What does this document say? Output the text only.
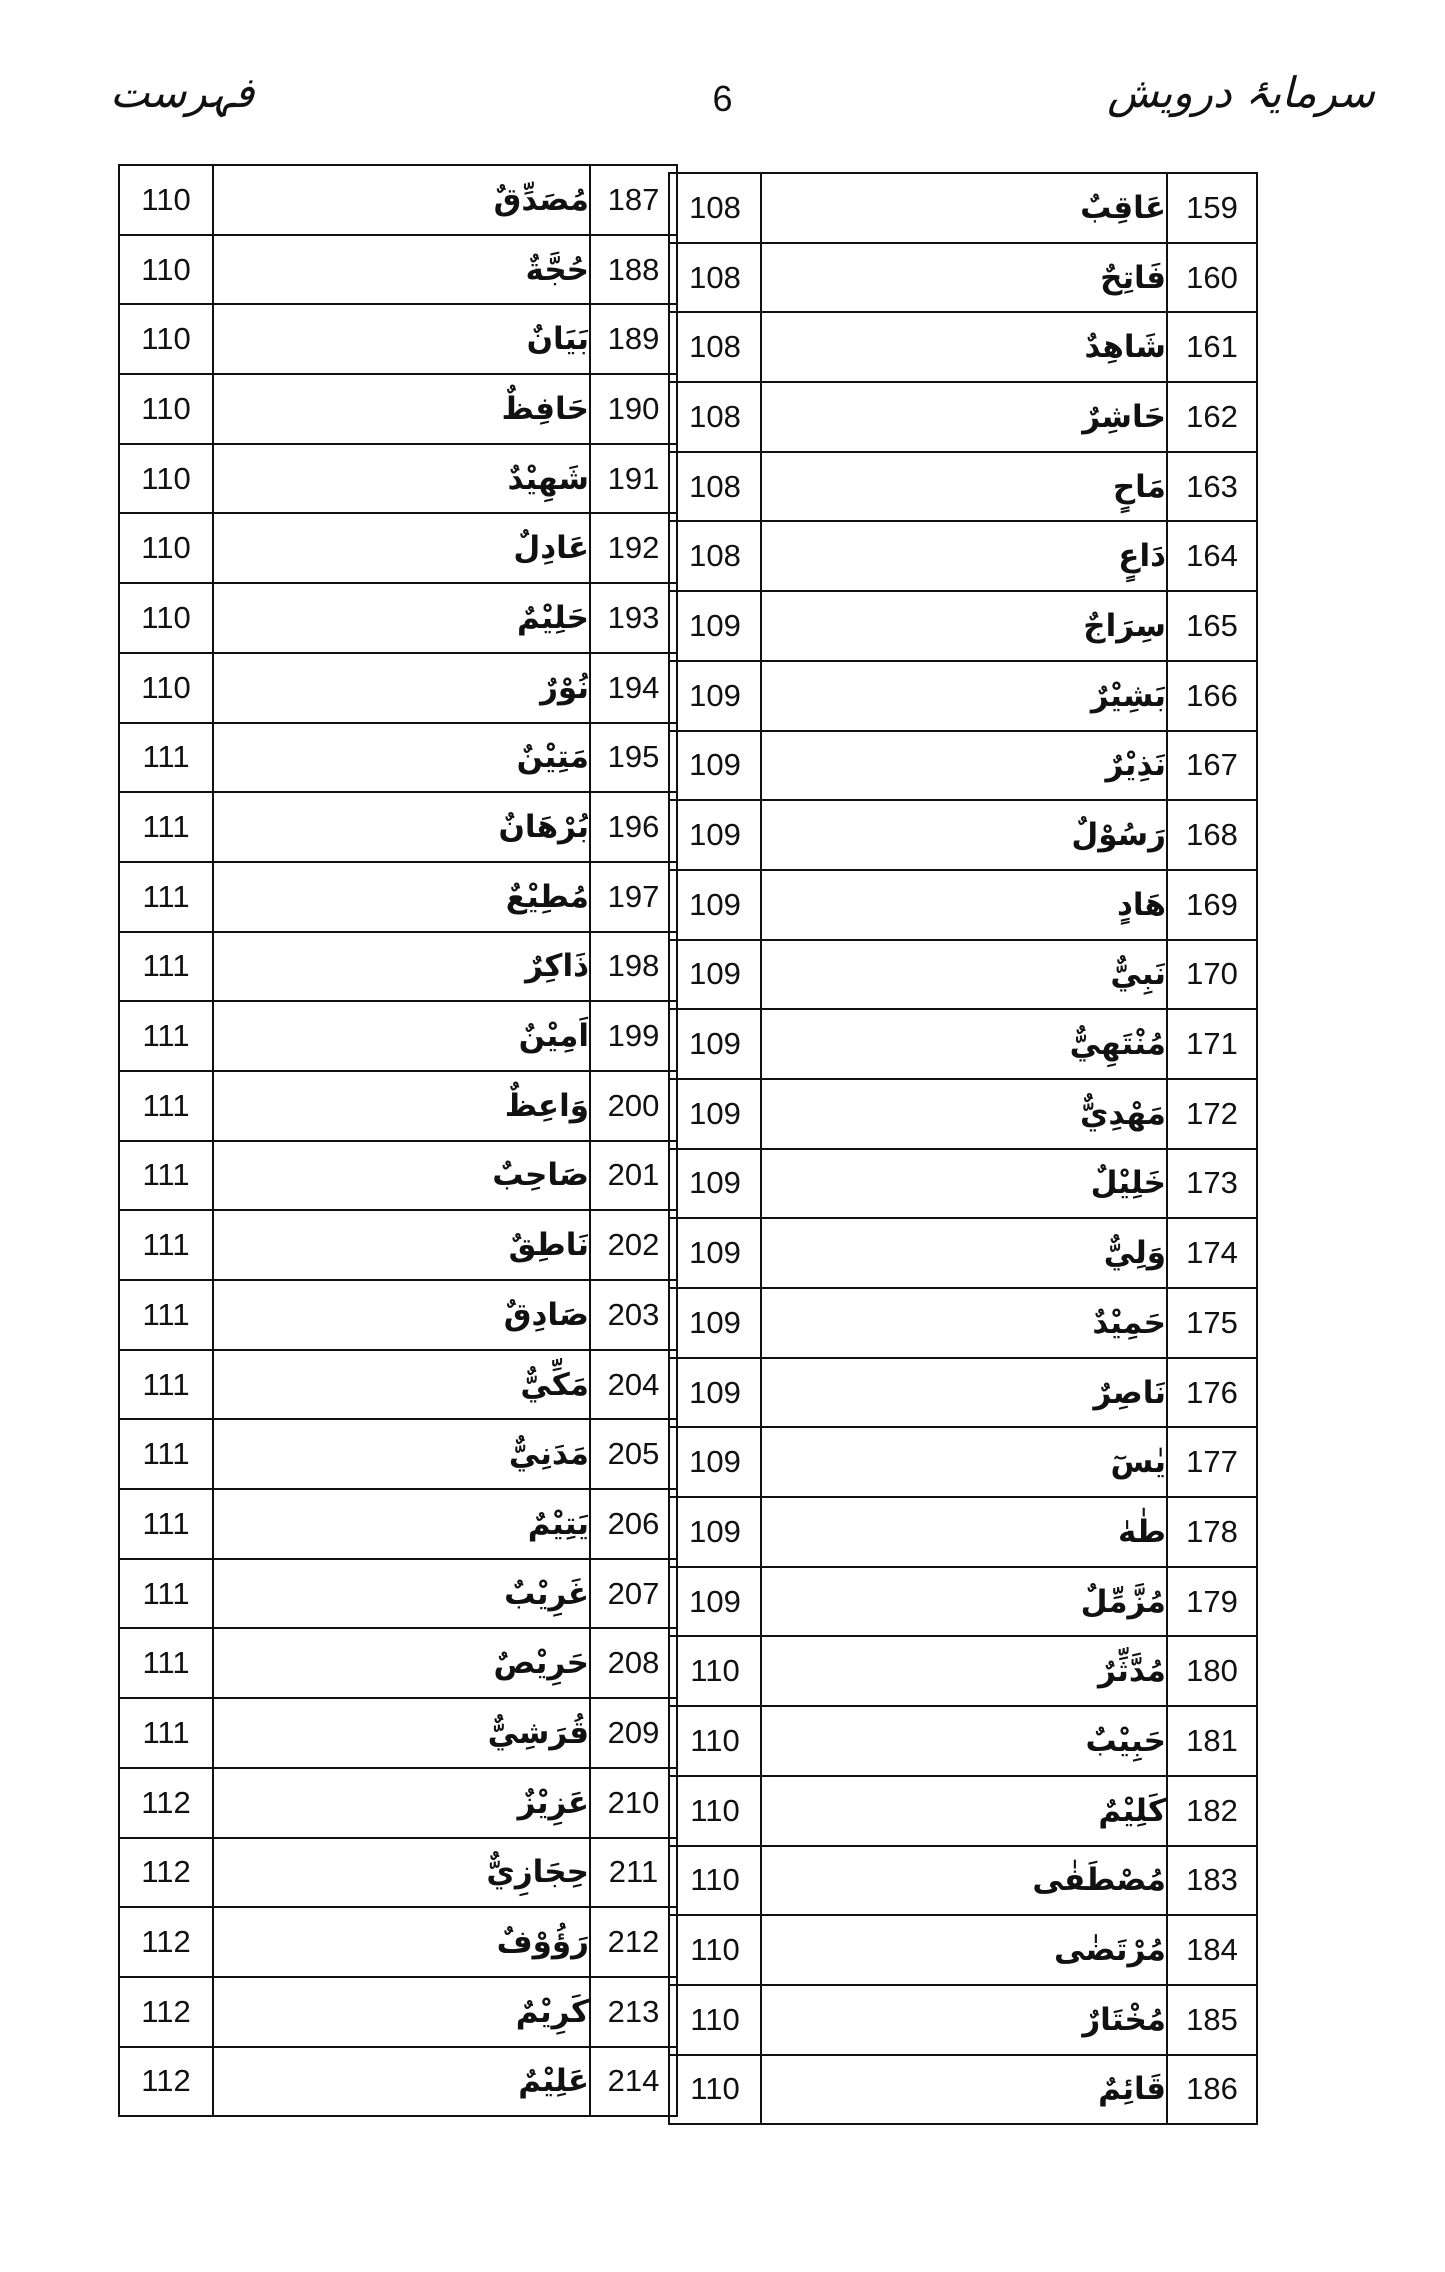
سرمایۂ درویش
6
فہرست
108	عَاقِبٌ	159
108	فَاتِحٌ	160
108	شَاهِدٌ	161
108	حَاشِرٌ	162
108	مَاحٍ	163
108	دَاعٍ	164
109	سِرَاجٌ	165
109	بَشِيْرٌ	166
109	نَذِيْرٌ	167
109	رَسُوْلٌ	168
109	هَادٍ	169
109	نَبِيٌّ	170
109	مُنْتَهِيٌّ	171
109	مَهْدِيٌّ	172
109	خَلِيْلٌ	173
109	وَلِيٌّ	174
109	حَمِيْدٌ	175
109	نَاصِرٌ	176
109	يٰسٓ	177
109	طٰهٰ	178
109	مُزَّمِّلٌ	179
110	مُدَّثِّرٌ	180
110	حَبِيْبٌ	181
110	كَلِيْمٌ	182
110	مُصْطَفٰى	183
110	مُرْتَضٰى	184
110	مُخْتَارٌ	185
110	قَائِمٌ	186
110	مُصَدِّقٌ	187
110	حُجَّةٌ	188
110	بَيَانٌ	189
110	حَافِظٌ	190
110	شَهِيْدٌ	191
110	عَادِلٌ	192
110	حَلِيْمٌ	193
110	نُوْرٌ	194
111	مَتِيْنٌ	195
111	بُرْهَانٌ	196
111	مُطِيْعٌ	197
111	ذَاكِرٌ	198
111	اَمِيْنٌ	199
111	وَاعِظٌ	200
111	صَاحِبٌ	201
111	نَاطِقٌ	202
111	صَادِقٌ	203
111	مَكِّيٌّ	204
111	مَدَنِيٌّ	205
111	يَتِيْمٌ	206
111	غَرِيْبٌ	207
111	حَرِيْصٌ	208
111	قُرَشِيٌّ	209
112	عَزِيْزٌ	210
112	حِجَازِيٌّ	211
112	رَؤُوْفٌ	212
112	كَرِيْمٌ	213
112	عَلِيْمٌ	214
